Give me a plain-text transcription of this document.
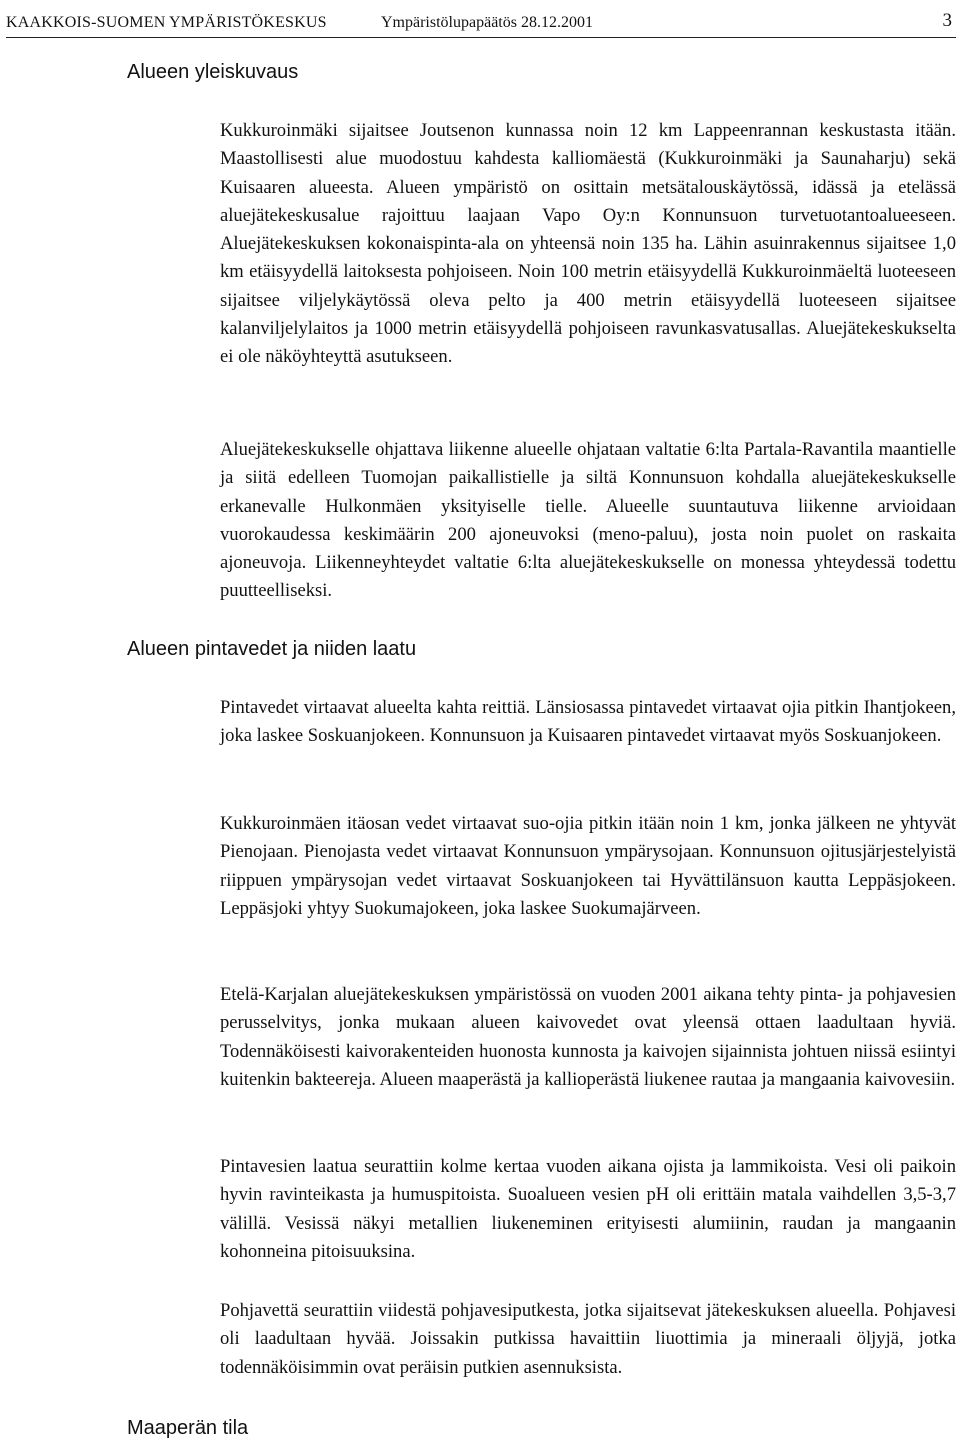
KAAKKOIS-SUOMEN YMPÄRISTÖKESKUS	Ympäristölupapäätös 28.12.2001	3
Alueen yleiskuvaus

Kukkuroinmäki sijaitsee Joutsenon kunnassa noin 12 km Lappeenrannan keskustasta itään. Maastollisesti alue muodostuu kahdesta kalliomäestä (Kukkuroinmäki ja Saunaharju) sekä Kuisaaren alueesta. Alueen ympäristö on osittain metsätalouskäytössä, idässä ja etelässä aluejätekeskusalue rajoittuu laajaan Vapo Oy:n Konnunsuon turvetuotantoalueeseen. Aluejätekeskuksen kokonaispinta-ala on yhteensä noin 135 ha. Lähin asuinrakennus sijaitsee 1,0 km etäisyydellä laitoksesta pohjoiseen. Noin 100 metrin etäisyydellä Kukkuroinmäeltä luoteeseen sijaitsee viljelykäytössä oleva pelto ja 400 metrin etäisyydellä luoteeseen sijaitsee kalanviljelylaitos ja 1000 metrin etäisyydellä pohjoiseen ravunkasvatusallas. Aluejätekeskukselta ei ole näköyhteyttä asutukseen.

Aluejätekeskukselle ohjattava liikenne alueelle ohjataan valtatie 6:lta Partala-Ravantila maantielle ja siitä edelleen Tuomojan paikallistielle ja siltä Konnunsuon kohdalla aluejätekeskukselle erkanevalle Hulkonmäen yksityiselle tielle. Alueelle suuntautuva liikenne arvioidaan vuorokaudessa keskimäärin 200 ajoneuvoksi (meno-paluu), josta noin puolet on raskaita ajoneuvoja. Liikenneyhteydet valtatie 6:lta aluejätekeskukselle on monessa yhteydessä todettu puutteelliseksi.

Alueen pintavedet ja niiden laatu

Pintavedet virtaavat alueelta kahta reittiä. Länsiosassa pintavedet virtaavat ojia pitkin Ihantjokeen, joka laskee Soskuanjokeen. Konnunsuon ja Kuisaaren pintavedet virtaavat myös Soskuanjokeen.

Kukkuroinmäen itäosan vedet virtaavat suo-ojia pitkin itään noin 1 km, jonka jälkeen ne yhtyvät Pienojaan. Pienojasta vedet virtaavat Konnunsuon ympärysojaan. Konnunsuon ojitusjärjestelyistä riippuen ympärysojan vedet virtaavat Soskuanjokeen tai Hyvättilänsuon kautta Leppäsjokeen. Leppäsjoki yhtyy Suokumajokeen, joka laskee Suokumajärveen.

Etelä-Karjalan aluejätekeskuksen ympäristössä on vuoden 2001 aikana tehty pinta- ja pohjavesien perusselvitys, jonka mukaan alueen kaivovedet ovat yleensä ottaen laadultaan hyviä. Todennäköisesti kaivorakenteiden huonosta kunnosta ja kaivojen sijainnista johtuen niissä esiintyi kuitenkin bakteereja. Alueen maaperästä ja kallioperästä liukenee rautaa ja mangaania kaivovesiin.

Pintavesien laatua seurattiin kolme kertaa vuoden aikana ojista ja lammikoista. Vesi oli paikoin hyvin ravinteikasta ja humuspitoista. Suoalueen vesien pH oli erittäin matala vaihdellen 3,5-3,7 välillä. Vesissä näkyi metallien liukeneminen erityisesti alumiinin, raudan ja mangaanin kohonneina pitoisuuksina.

Pohjavettä seurattiin viidestä pohjavesiputkesta, jotka sijaitsevat jätekeskuksen alueella. Pohjavesi oli laadultaan hyvää. Joissakin putkissa havaittiin liuottimia ja mineraali öljyjä, jotka todennäköisimmin ovat peräisin putkien asennuksista.

Maaperän tila
